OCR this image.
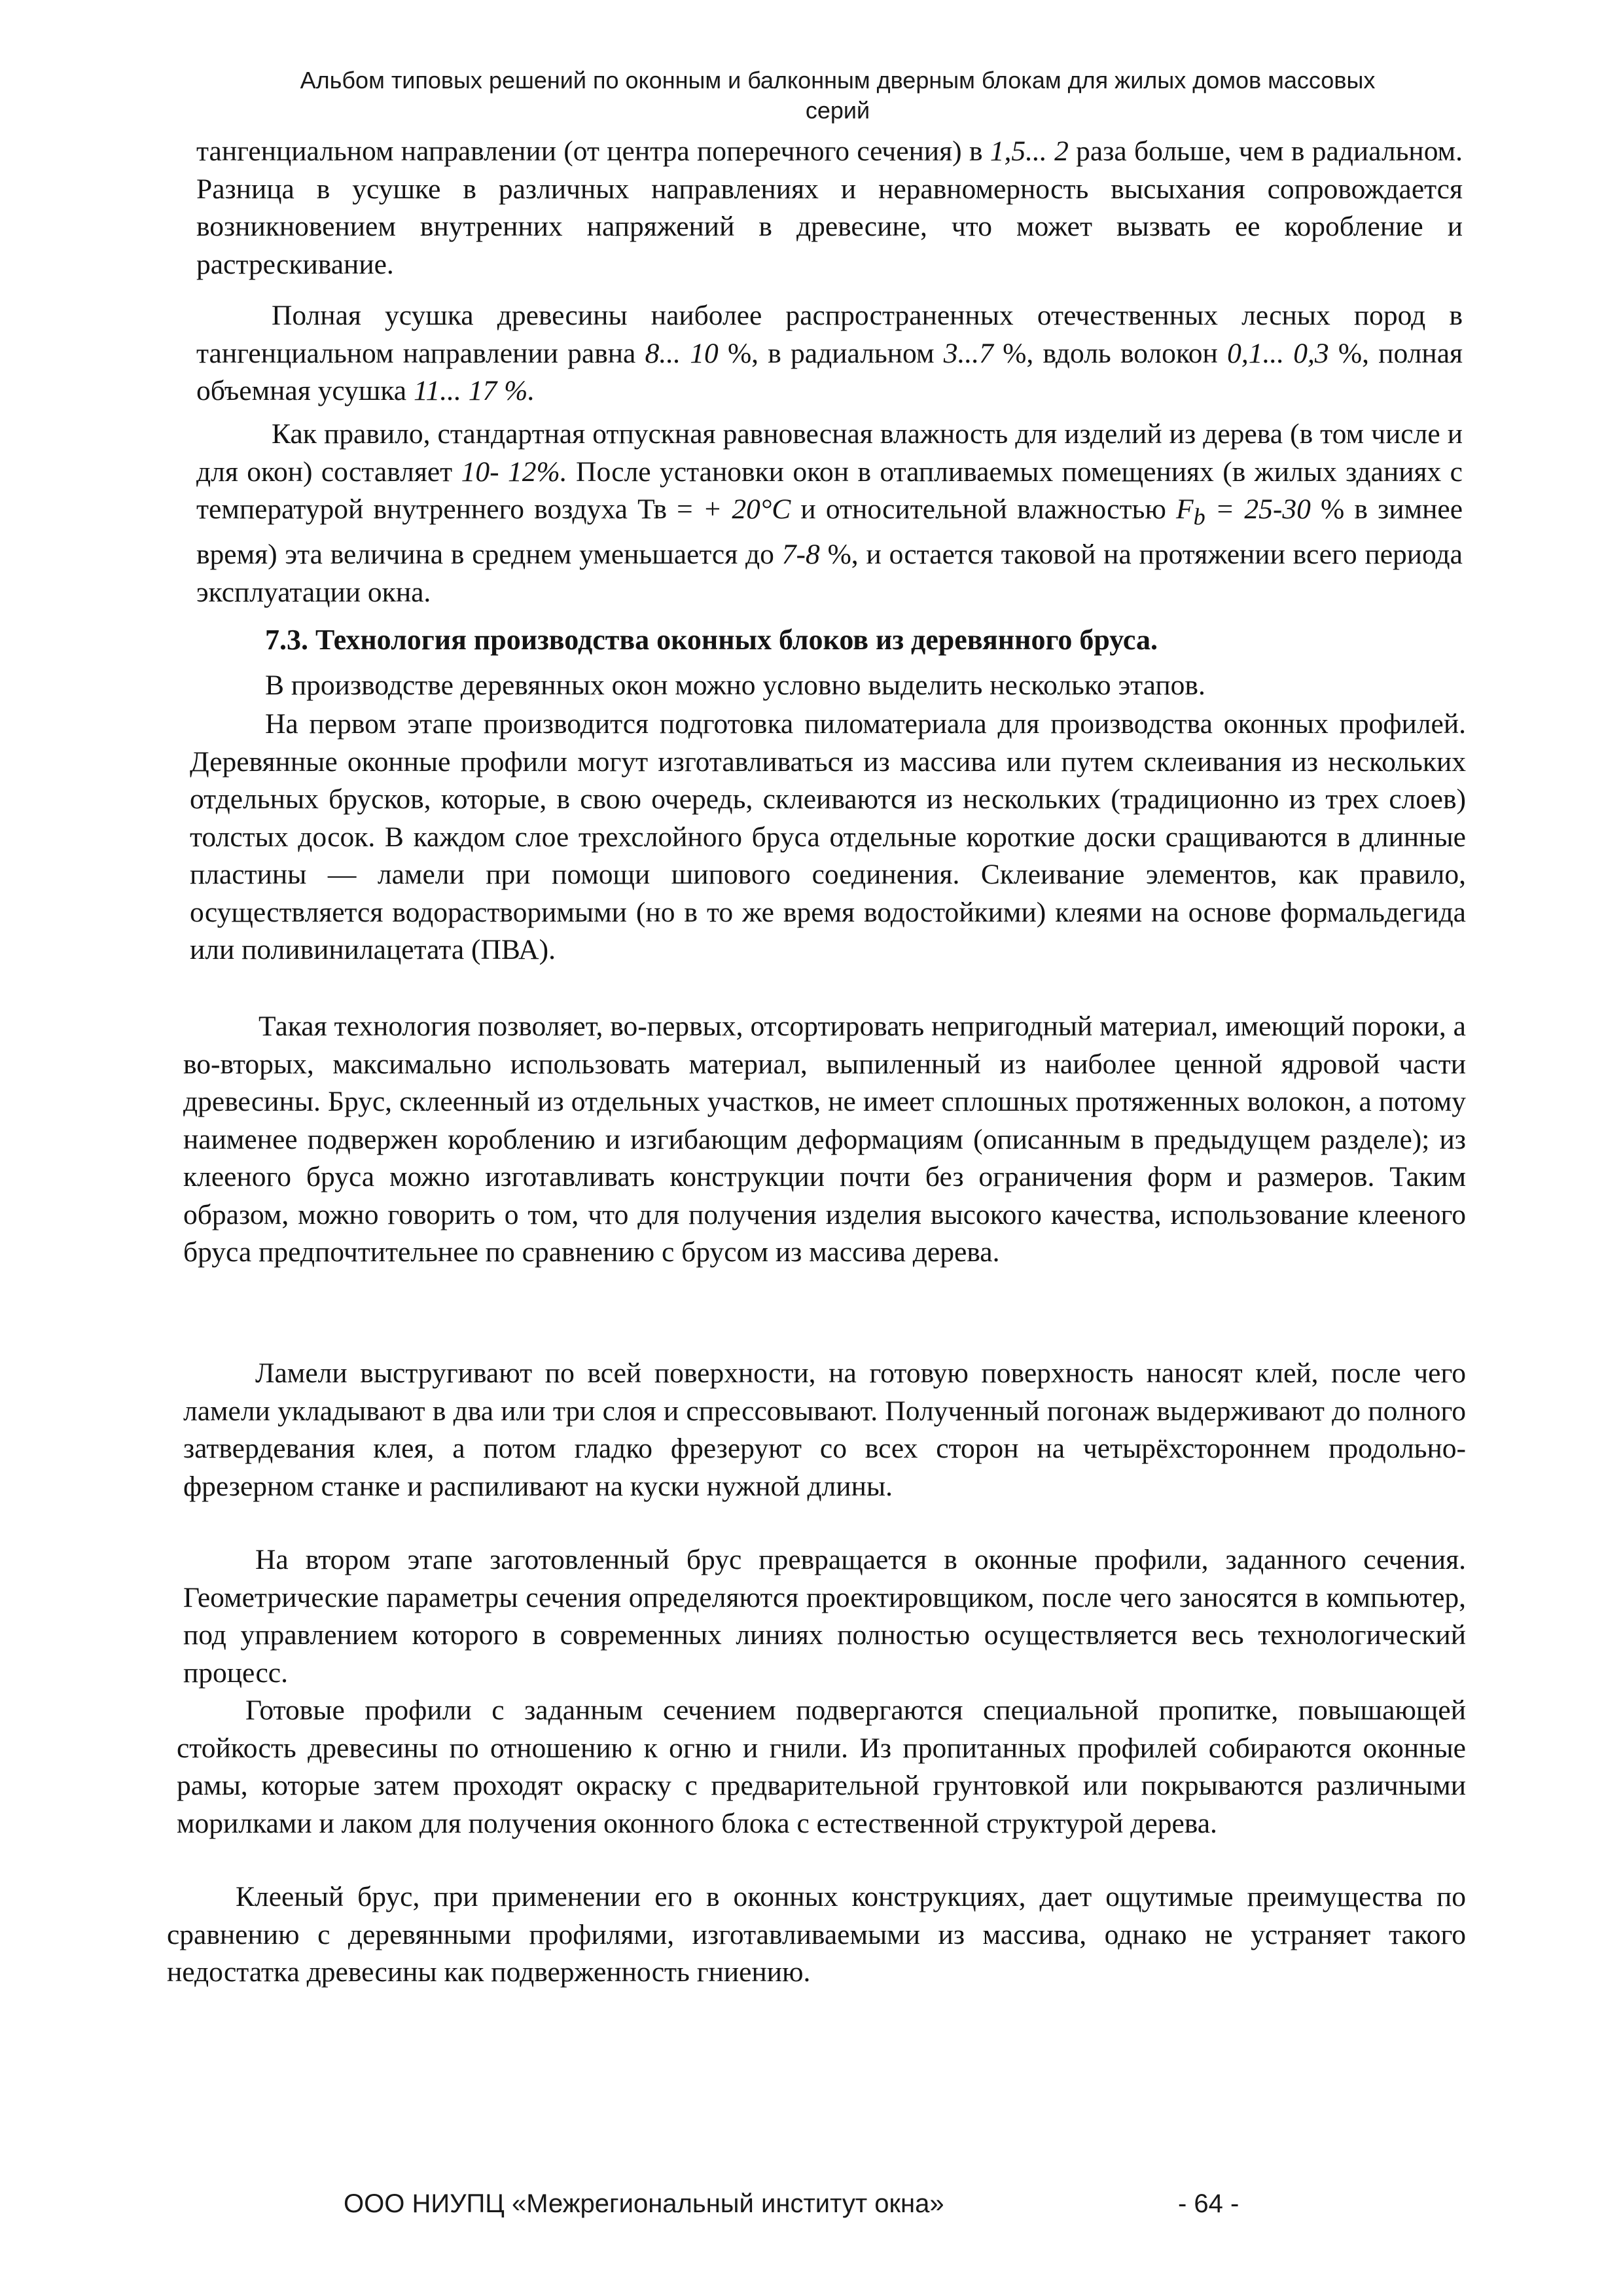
Альбом типовых решений по оконным и балконным дверным блокам для жилых домов массовых
серий

тангенциальном направлении (от центра поперечного сечения) в 1,5... 2 раза больше, чем в радиальном. Разница в усушке в различных направлениях и неравномерность высыхания сопровождается возникновением внутренних напряжений в древесине, что может вызвать ее коробление и растрескивание.

Полная усушка древесины наиболее распространенных отечественных лесных пород в тангенциальном направлении равна 8... 10 %, в радиальном 3...7 %, вдоль волокон 0,1... 0,3 %, полная объемная усушка 11... 17 %.

Как правило, стандартная отпускная равновесная влажность для изделий из дерева (в том числе и для окон) составляет 10- 12%. После установки окон в отапливаемых помещениях (в жилых зданиях с температурой внутреннего воздуха Тв = + 20°С и относительной влажностью $F_b = 25-30$ % в зимнее время) эта величина в среднем уменьшается до 7-8 %, и остается таковой на протяжении всего периода эксплуатации окна.

7.3. Технология производства оконных блоков из деревянного бруса.

В производстве деревянных окон можно условно выделить несколько этапов.

На первом этапе производится подготовка пиломатериала для производства оконных профилей. Деревянные оконные профили могут изготавливаться из массива или путем склеивания из нескольких отдельных брусков, которые, в свою очередь, склеиваются из нескольких (традиционно из трех слоев) толстых досок. В каждом слое трехслойного бруса отдельные короткие доски сращиваются в длинные пластины — ламели при помощи шипового соединения. Склеивание элементов, как правило, осуществляется водорастворимыми (но в то же время водостойкими) клеями на основе формальдегида или поливинилацетата (ПВА).

Такая технология позволяет, во-первых, отсортировать непригодный материал, имеющий пороки, а во-вторых, максимально использовать материал, выпиленный из наиболее ценной ядровой части древесины. Брус, склеенный из отдельных участков, не имеет сплошных протяженных волокон, а потому наименее подвержен короблению и изгибающим деформациям (описанным в предыдущем разделе); из клееного бруса можно изготавливать конструкции почти без ограничения форм и размеров. Таким образом, можно говорить о том, что для получения изделия высокого качества, использование клееного бруса предпочтительнее по сравнению с брусом из массива дерева.

Ламели выстругивают по всей поверхности, на готовую поверхность наносят клей, после чего ламели укладывают в два или три слоя и спрессовывают. Полученный погонаж выдерживают до полного затвердевания клея, а потом гладко фрезеруют со всех сторон на четырёхстороннем продольно-фрезерном станке и распиливают на куски нужной длины.

На втором этапе заготовленный брус превращается в оконные профили, заданного сечения. Геометрические параметры сечения определяются проектировщиком, после чего заносятся в компьютер, под управлением которого в современных линиях полностью осуществляется весь технологический процесс.

Готовые профили с заданным сечением подвергаются специальной пропитке, повышающей стойкость древесины по отношению к огню и гнили. Из пропитанных профилей собираются оконные рамы, которые затем проходят окраску с предварительной грунтовкой или покрываются различными морилками и лаком для получения оконного блока с естественной структурой дерева.

Клееный брус, при применении его в оконных конструкциях, дает ощутимые преимущества по сравнению с деревянными профилями, изготавливаемыми из массива, однако не устраняет такого недостатка древесины как подверженность гниению.

ООО НИУПЦ «Межрегиональный институт окна»	- 64 -
